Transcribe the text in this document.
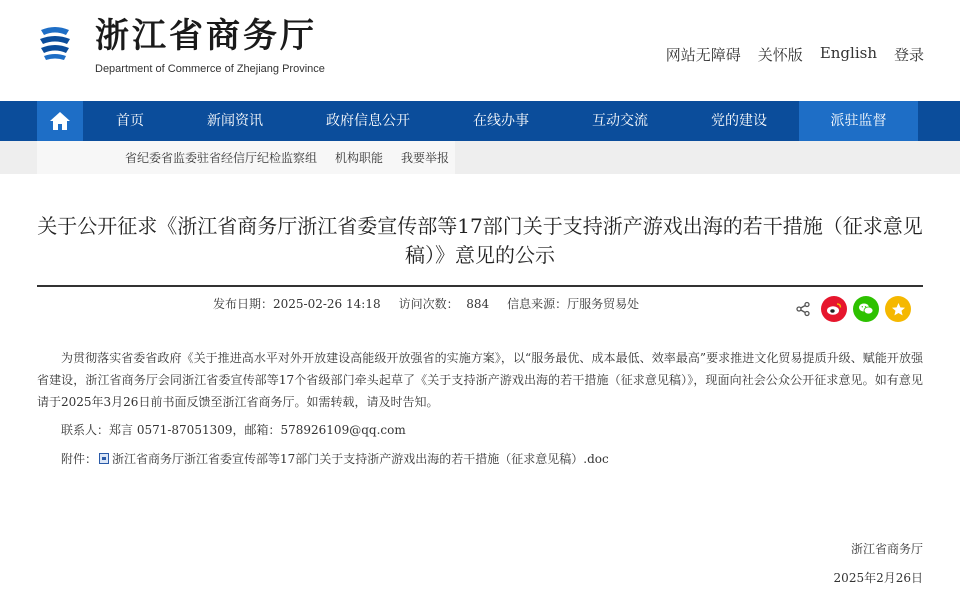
浙江省商务厅
Department of Commerce of Zhejiang Province
网站无障碍 关怀版 English 登录
首页	新闻资讯	政府信息公开	在线办事	互动交流	党的建设	派驻监督
省纪委省监委驻省经信厅纪检监察组 机构职能 我要举报
关于公开征求《浙江省商务厅浙江省委宣传部等17部门关于支持浙产游戏出海的若干措施（征求意见稿）》意见的公示
发布日期：2025-02-26 14:18 访问次数：  884 信息来源：厅服务贸易处

为贯彻落实省委省政府《关于推进高水平对外开放建设高能级开放强省的实施方案》，以“服务最优、成本最低、效率最高”要求推进文化贸易提质升级、赋能开放强省建设，浙江省商务厅会同浙江省委宣传部等17个省级部门牵头起草了《关于支持浙产游戏出海的若干措施（征求意见稿）》，现面向社会公众公开征求意见。如有意见请于2025年3月26日前书面反馈至浙江省商务厅。如需转载，请及时告知。

联系人：郑言 0571-87051309，邮箱：578926109@qq.com
附件： 浙江省商务厅浙江省委宣传部等17部门关于支持浙产游戏出海的若干措施（征求意见稿）.doc
浙江省商务厅
2025年2月26日
